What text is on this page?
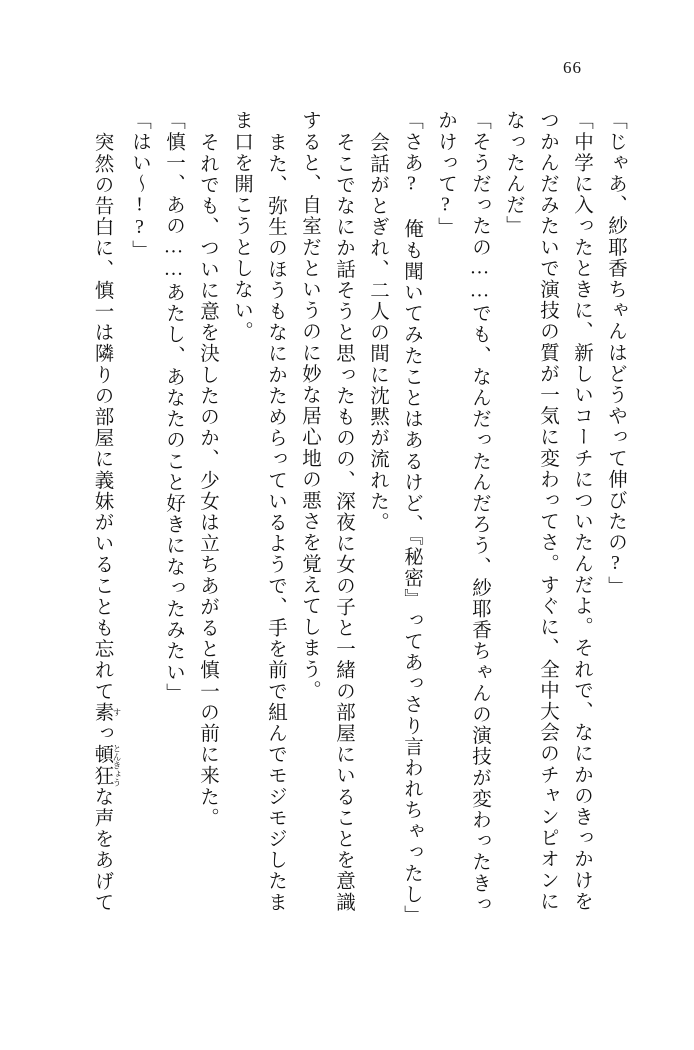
66
「じゃあ、紗耶香ちゃんはどうやって伸びたの?」
「中学に入ったときに、新しいコーチについたんだよ。それで、なにかのきっかけを
つかんだみたいで演技の質が一気に変わってさ。すぐに、全中大会のチャンピオンに
なったんだ」
「そうだったの……でも、なんだったんだろう、紗耶香ちゃんの演技が変わったきっ
かけって?」
「さあ? 俺も聞いてみたことはあるけど、『秘密』ってあっさり言われちゃったし」
会話がとぎれ、二人の間に沈黙が流れた。
そこでなにか話そうと思ったものの、深夜に女の子と一緒の部屋にいることを意識
すると、自室だというのに妙な居心地の悪さを覚えてしまう。
また、弥生のほうもなにかためらっているようで、手を前で組んでモジモジしたま
ま口を開こうとしない。
それでも、ついに意を決したのか、少女は立ちあがると慎一の前に来た。
「慎一、あの……あたし、あなたのこと好きになったみたい」
「はい〜!?」
突然の告白に、慎一は隣りの部屋に義妹がいることも忘れて素 すっ頓狂 とんきょうな声をあげて
